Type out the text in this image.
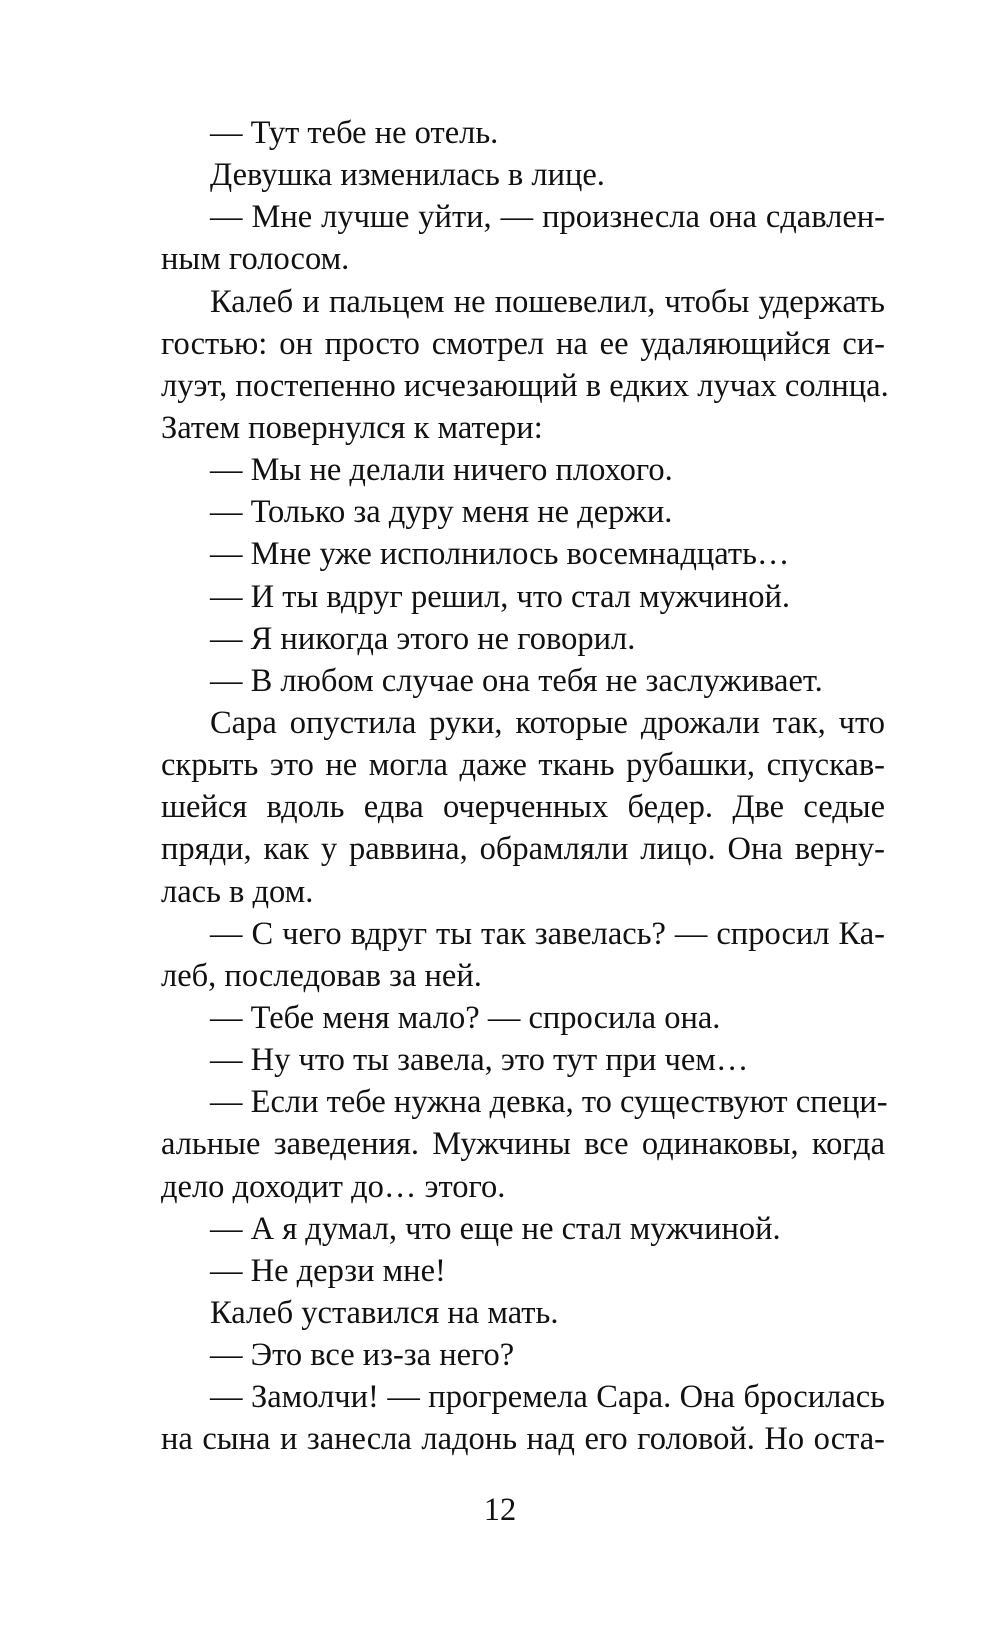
— Тут тебе не отель.
Девушка изменилась в лице.
— Мне лучше уйти, — произнесла она сдавлен-
ным голосом.
Калеб и пальцем не пошевелил, чтобы удержать
гостью: он просто смотрел на ее удаляющийся си-
луэт, постепенно исчезающий в едких лучах солнца.
Затем повернулся к матери:
— Мы не делали ничего плохого.
— Только за дуру меня не держи.
— Мне уже исполнилось восемнадцать…
— И ты вдруг решил, что стал мужчиной.
— Я никогда этого не говорил.
— В любом случае она тебя не заслуживает.
Сара опустила руки, которые дрожали так, что
скрыть это не могла даже ткань рубашки, спускав-
шейся вдоль едва очерченных бедер. Две седые
пряди, как у раввина, обрамляли лицо. Она верну-
лась в дом.
— С чего вдруг ты так завелась? — спросил Ка-
леб, последовав за ней.
— Тебе меня мало? — спросила она.
— Ну что ты завела, это тут при чем…
— Если тебе нужна девка, то существуют специ-
альные заведения. Мужчины все одинаковы, когда
дело доходит до… этого.
— А я думал, что еще не стал мужчиной.
— Не дерзи мне!
Калеб уставился на мать.
— Это все из-за него?
— Замолчи! — прогремела Сара. Она бросилась
на сына и занесла ладонь над его головой. Но оста-
12
